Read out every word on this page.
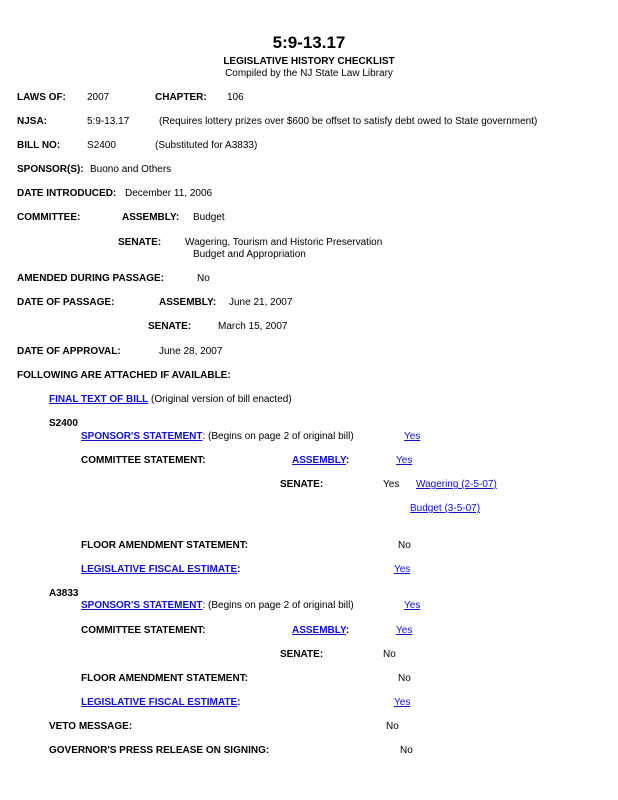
5:9-13.17
LEGISLATIVE HISTORY CHECKLIST
Compiled by the NJ State Law Library
LAWS OF: 2007	CHAPTER: 106
NJSA:	5:9-13.17	(Requires lottery prizes over $600 be offset to satisfy debt owed to State government)
BILL NO:	S2400	(Substituted for A3833)
SPONSOR(S): Buono and Others
DATE INTRODUCED: December 11, 2006
COMMITTEE:	ASSEMBLY: Budget
SENATE: Wagering, Tourism and Historic Preservation
Budget and Appropriation
AMENDED DURING PASSAGE:	No
DATE OF PASSAGE:	ASSEMBLY: June 21, 2007
SENATE:	March 15, 2007
DATE OF APPROVAL:	June 28, 2007
FOLLOWING ARE ATTACHED IF AVAILABLE:
FINAL TEXT OF BILL (Original version of bill enacted)
S2400
SPONSOR'S STATEMENT: (Begins on page 2 of original bill)	Yes
COMMITTEE STATEMENT:	ASSEMBLY:	Yes
SENATE:	Yes Wagering (2-5-07)
Budget (3-5-07)
FLOOR AMENDMENT STATEMENT:	No
LEGISLATIVE FISCAL ESTIMATE:	Yes
A3833
SPONSOR'S STATEMENT: (Begins on page 2 of original bill)	Yes
COMMITTEE STATEMENT:	ASSEMBLY:	Yes
SENATE:	No
FLOOR AMENDMENT STATEMENT:	No
LEGISLATIVE FISCAL ESTIMATE:	Yes
VETO MESSAGE:	No
GOVERNOR'S PRESS RELEASE ON SIGNING:	No
